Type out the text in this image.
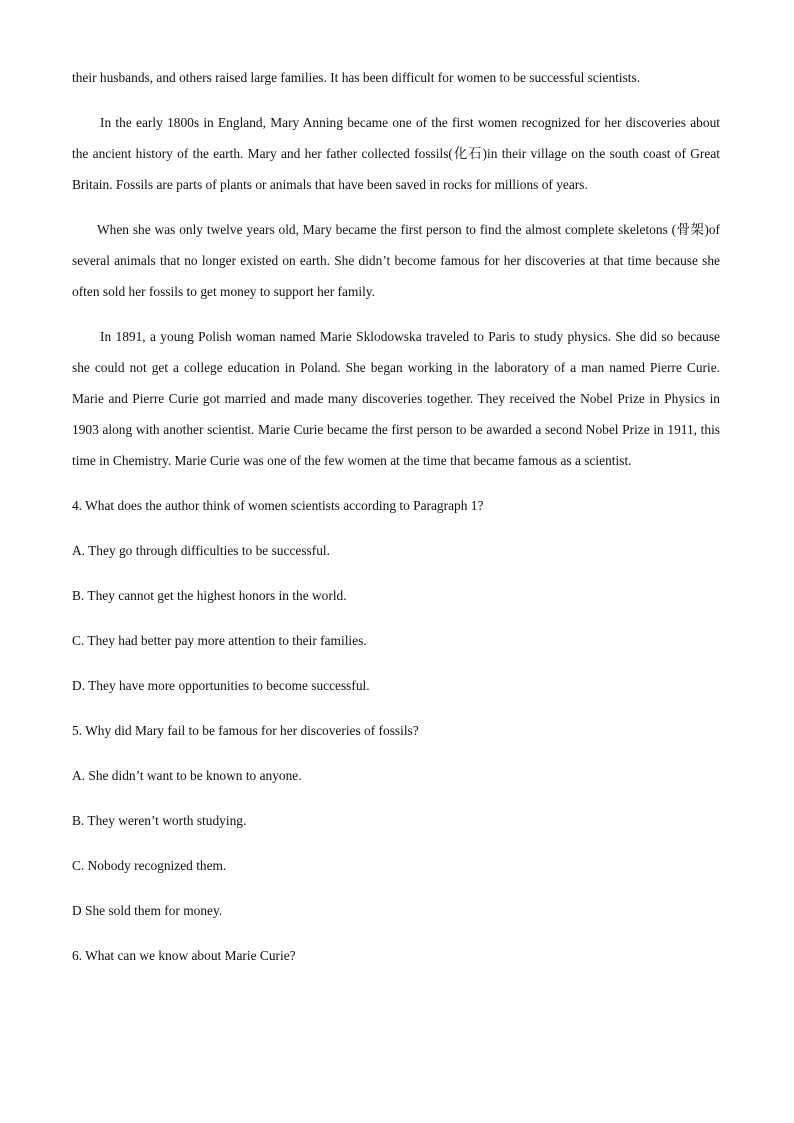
their husbands, and others raised large families. It has been difficult for women to be successful scientists.

In the early 1800s in England, Mary Anning became one of the first women recognized for her discoveries about the ancient history of the earth. Mary and her father collected fossils(化石)in their village on the south coast of Great Britain. Fossils are parts of plants or animals that have been saved in rocks for millions of years.

When she was only twelve years old, Mary became the first person to find the almost complete skeletons (骨架)of several animals that no longer existed on earth. She didn’t become famous for her discoveries at that time because she often sold her fossils to get money to support her family.

In 1891, a young Polish woman named Marie Sklodowska traveled to Paris to study physics. She did so because she could not get a college education in Poland. She began working in the laboratory of a man named Pierre Curie. Marie and Pierre Curie got married and made many discoveries together. They received the Nobel Prize in Physics in 1903 along with another scientist. Marie Curie became the first person to be awarded a second Nobel Prize in 1911, this time in Chemistry. Marie Curie was one of the few women at the time that became famous as a scientist.

4. What does the author think of women scientists according to Paragraph 1?

A. They go through difficulties to be successful.

B. They cannot get the highest honors in the world.

C. They had better pay more attention to their families.

D. They have more opportunities to become successful.

5. Why did Mary fail to be famous for her discoveries of fossils?

A. She didn’t want to be known to anyone.

B. They weren’t worth studying.

C. Nobody recognized them.

D She sold them for money.

6. What can we know about Marie Curie?
